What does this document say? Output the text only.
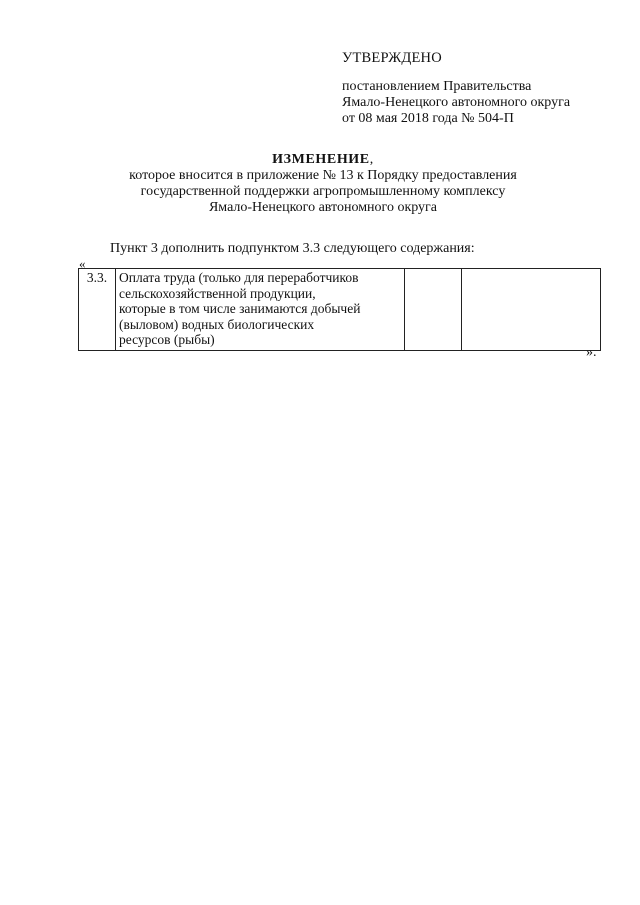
УТВЕРЖДЕНО
постановлением Правительства
Ямало-Ненецкого автономного округа
от 08 мая 2018 года № 504-П
ИЗМЕНЕНИЕ,
которое вносится в приложение № 13 к Порядку предоставления
государственной поддержки агропромышленному комплексу
Ямало-Ненецкого автономного округа
Пункт 3 дополнить подпунктом 3.3 следующего содержания:
«
3.3.	Оплата труда (только для переработчиков
сельскохозяйственной продукции,
которые в том числе занимаются добычей
(выловом) водных биологических
ресурсов (рыбы)

».
